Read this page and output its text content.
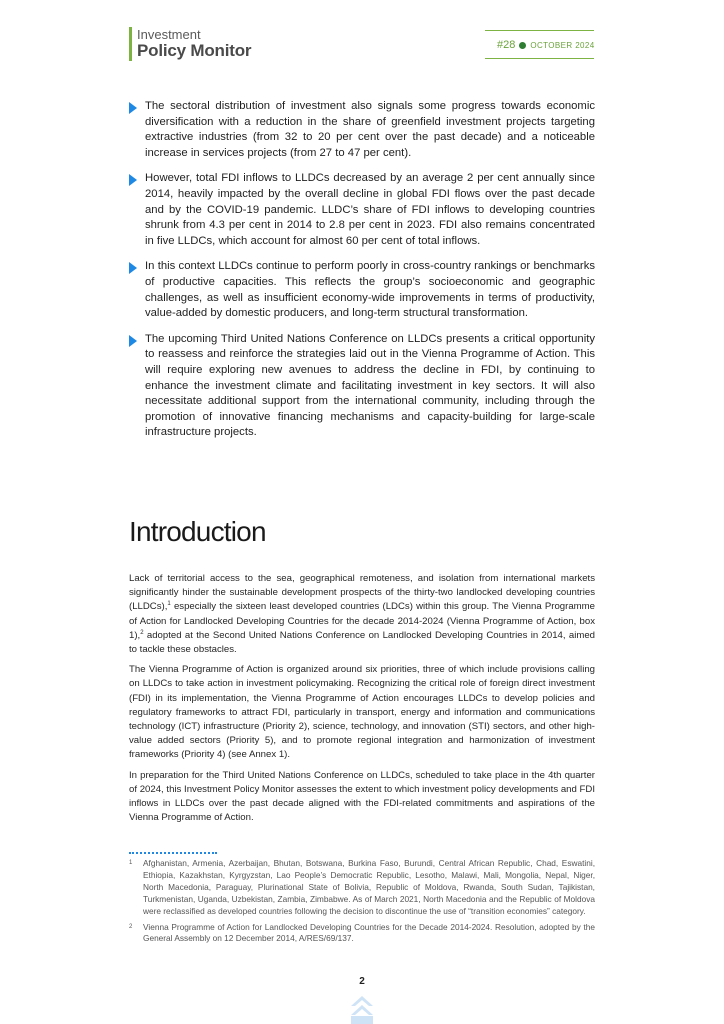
Investment
Policy Monitor	#28 OCTOBER 2024
The sectoral distribution of investment also signals some progress towards economic diversification with a reduction in the share of greenfield investment projects targeting extractive industries (from 32 to 20 per cent over the past decade) and a noticeable increase in services projects (from 27 to 47 per cent).
However, total FDI inflows to LLDCs decreased by an average 2 per cent annually since 2014, heavily impacted by the overall decline in global FDI flows over the past decade and by the COVID-19 pandemic. LLDC’s share of FDI inflows to developing countries shrunk from 4.3 per cent in 2014 to 2.8 per cent in 2023. FDI also remains concentrated in five LLDCs, which account for almost 60 per cent of total inflows.
In this context LLDCs continue to perform poorly in cross-country rankings or benchmarks of productive capacities. This reflects the group’s socioeconomic and geographic challenges, as well as insufficient economy-wide improvements in terms of productivity, value-added by domestic producers, and long-term structural transformation.
The upcoming Third United Nations Conference on LLDCs presents a critical opportunity to reassess and reinforce the strategies laid out in the Vienna Programme of Action. This will require exploring new avenues to address the decline in FDI, by continuing to enhance the investment climate and facilitating investment in key sectors. It will also necessitate additional support from the international community, including through the promotion of innovative financing mechanisms and capacity-building for large-scale infrastructure projects.
Introduction

Lack of territorial access to the sea, geographical remoteness, and isolation from international markets significantly hinder the sustainable development prospects of the thirty-two landlocked developing countries (LLDCs),$^1$ especially the sixteen least developed countries (LDCs) within this group. The Vienna Programme of Action for Landlocked Developing Countries for the decade 2014-2024 (Vienna Programme of Action, box 1),$^2$ adopted at the Second United Nations Conference on Landlocked Developing Countries in 2014, aimed to tackle these obstacles.

The Vienna Programme of Action is organized around six priorities, three of which include provisions calling on LLDCs to take action in investment policymaking. Recognizing the critical role of foreign direct investment (FDI) in its implementation, the Vienna Programme of Action encourages LLDCs to develop policies and regulatory frameworks to attract FDI, particularly in transport, energy and information and communications technology (ICT) infrastructure (Priority 2), science, technology, and innovation (STI) sectors, and other high-value added sectors (Priority 5), and to promote regional integration and harmonization of investment frameworks (Priority 4) (see Annex 1).

In preparation for the Third United Nations Conference on LLDCs, scheduled to take place in the 4th quarter of 2024, this Investment Policy Monitor assesses the extent to which investment policy developments and FDI inflows in LLDCs over the past decade aligned with the FDI-related commitments and aspirations of the Vienna Programme of Action.

1	Afghanistan, Armenia, Azerbaijan, Bhutan, Botswana, Burkina Faso, Burundi, Central African Republic, Chad, Eswatini, Ethiopia, Kazakhstan, Kyrgyzstan, Lao People’s Democratic Republic, Lesotho, Malawi, Mali, Mongolia, Nepal, Niger, North Macedonia, Paraguay, Plurinational State of Bolivia, Republic of Moldova, Rwanda, South Sudan, Tajikistan, Turkmenistan, Uganda, Uzbekistan, Zambia, Zimbabwe. As of March 2021, North Macedonia and the Republic of Moldova were reclassified as developed countries following the decision to discontinue the use of “transition economies” category.
2	Vienna Programme of Action for Landlocked Developing Countries for the Decade 2014-2024. Resolution, adopted by the General Assembly on 12 December 2014, A/RES/69/137.
2
